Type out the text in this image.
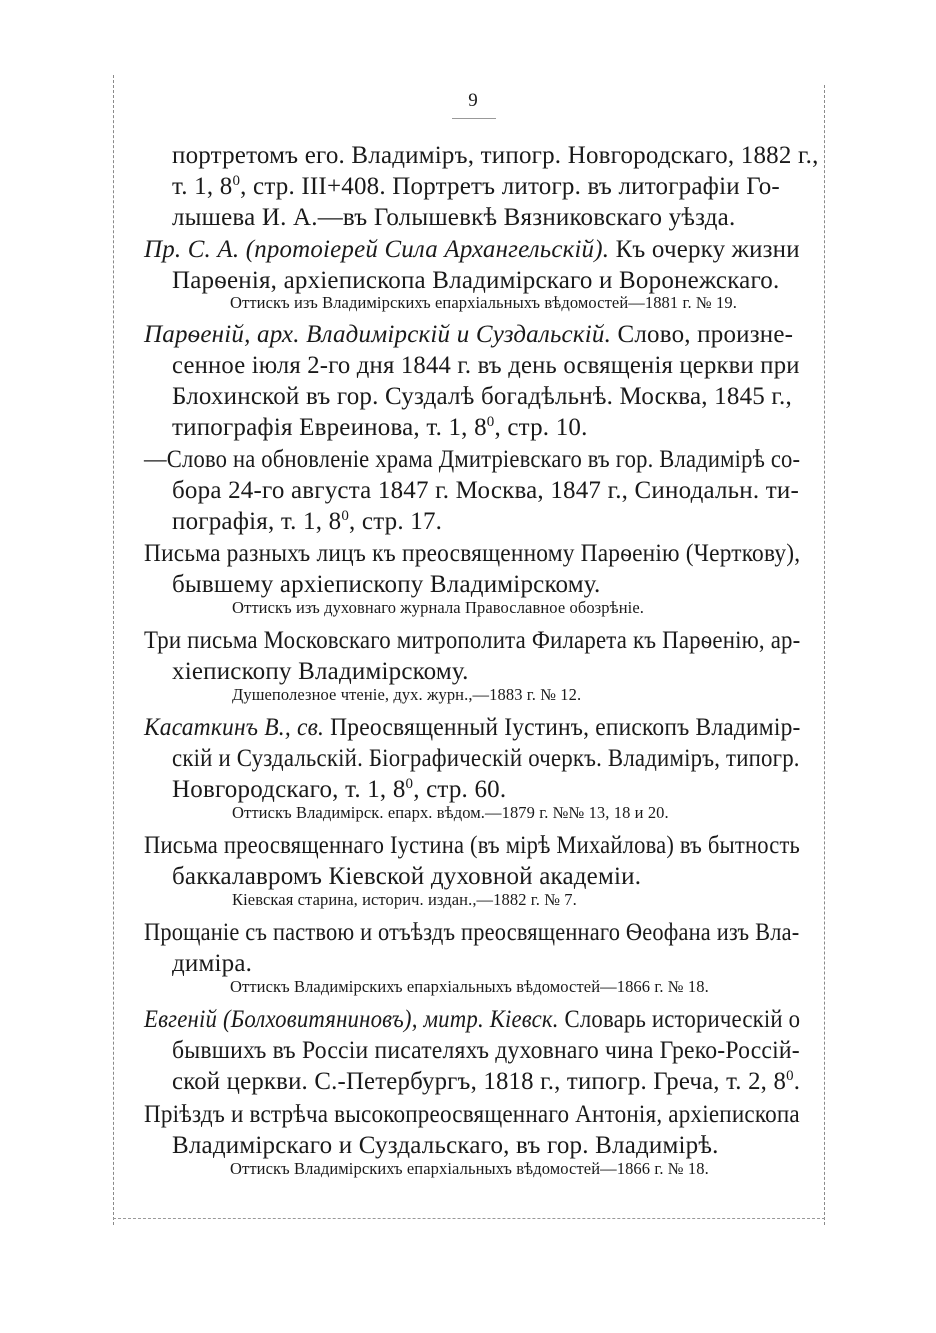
9
портретомъ его. Владиміръ, типогр. Новгородскаго, 1882 г.,
т. 1, $8^0$, стр. III+408. Портретъ литогр. въ литографіи Го-
лышева И. А.—въ Голышевкѣ Вязниковскаго уѣзда.
Пр. С. А. (протоіерей Сила Архангельскій). Къ очерку жизни
Парѳенія, архіепископа Владимірскаго и Воронежскаго.
Оттискъ изъ Владимірскихъ епархіальныхъ вѣдомостей—1881 г. № 19.
Парѳеній, арх. Владимірскій и Суздальскій. Слово, произне-
сенное іюля 2-го дня 1844 г. въ день освященія церкви при
Блохинской въ гор. Суздалѣ богадѣльнѣ. Москва, 1845 г.,
типографія Евреинова, т. 1, $8^0$, стр. 10.
—Слово на обновленіе храма Дмитріевскаго въ гор. Владимірѣ со-
бора 24-го августа 1847 г. Москва, 1847 г., Синодальн. ти-
пографія, т. 1, $8^0$, стр. 17.
Письма разныхъ лицъ къ преосвященному Парѳенію (Черткову),
бывшему архіепископу Владимірскому.
Оттискъ изъ духовнаго журнала Православное обозрѣніе.
Три письма Московскаго митрополита Филарета къ Парѳенію, ар-
хіепископу Владимірскому.
Душеполезное чтеніе, дух. журн.,—1883 г. № 12.
Касаткинъ В., св. Преосвященный Іустинъ, епископъ Владимір-
скій и Суздальскій. Біографическій очеркъ. Владиміръ, типогр.
Новгородскаго, т. 1, $8^0$, стр. 60.
Оттискъ Владимірск. епарх. вѣдом.—1879 г. №№ 13, 18 и 20.
Письма преосвященнаго Іустина (въ мірѣ Михайлова) въ бытность
баккалавромъ Кіевской духовной академіи.
Кіевская старина, историч. издан.,—1882 г. № 7.
Прощаніе съ паствою и отъѣздъ преосвященнаго Ѳеофана изъ Вла-
диміра.
Оттискъ Владимірскихъ епархіальныхъ вѣдомостей—1866 г. № 18.
Евгеній (Болховитяниновъ), митр. Кіевск. Словарь историческій о
бывшихъ въ Россіи писателяхъ духовнаго чина Греко-Россій-
ской церкви. С.-Петербургъ, 1818 г., типогр. Греча, т. 2, $8^0$.
Пріѣздъ и встрѣча высокопреосвященнаго Антонія, архіепископа
Владимірскаго и Суздальскаго, въ гор. Владимірѣ.
Оттискъ Владимірскихъ епархіальныхъ вѣдомостей—1866 г. № 18.
